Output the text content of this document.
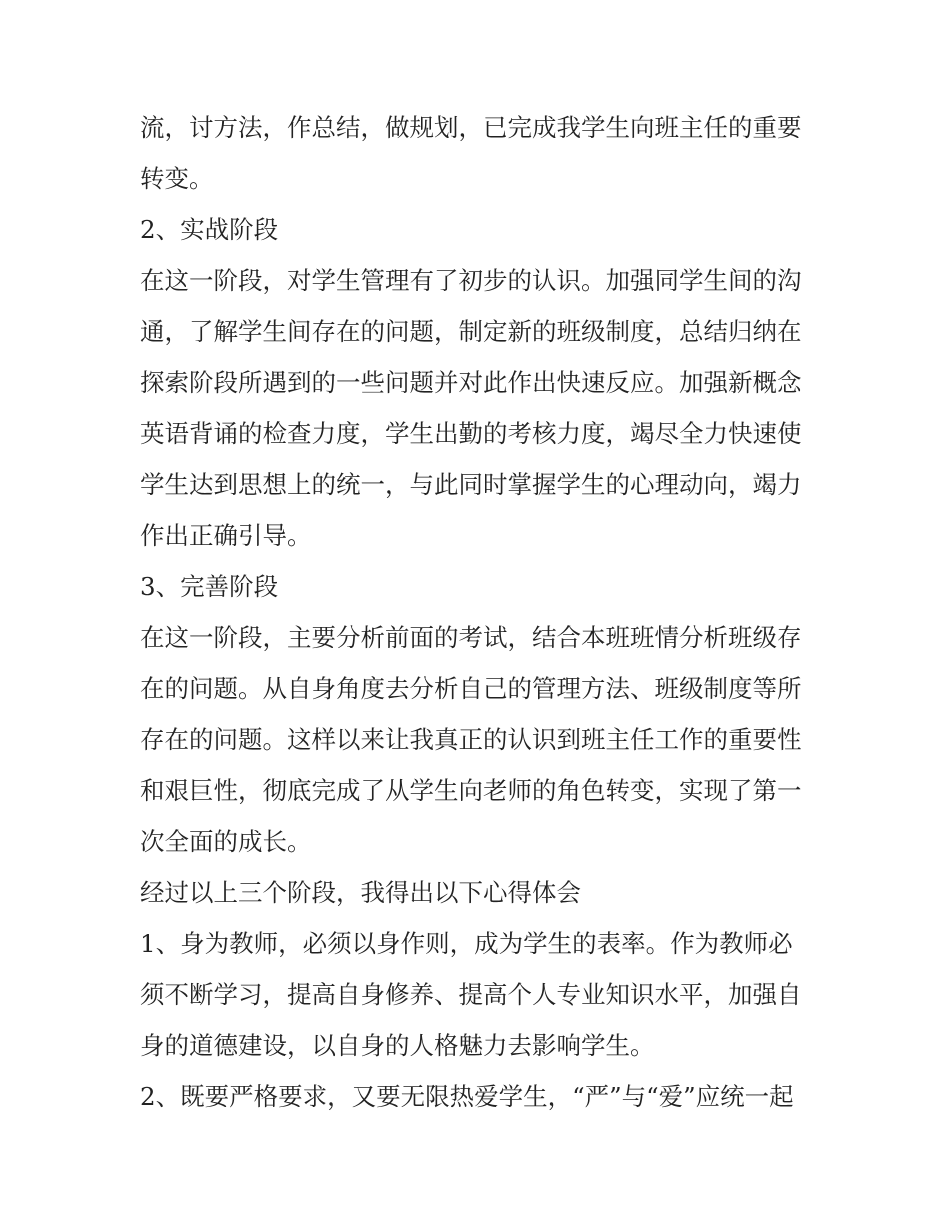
流，讨方法，作总结，做规划，已完成我学生向班主任的重要
转变。
2、实战阶段
在这一阶段，对学生管理有了初步的认识。加强同学生间的沟
通，了解学生间存在的问题，制定新的班级制度，总结归纳在
探索阶段所遇到的一些问题并对此作出快速反应。加强新概念
英语背诵的检查力度，学生出勤的考核力度，竭尽全力快速使
学生达到思想上的统一，与此同时掌握学生的心理动向，竭力
作出正确引导。
3、完善阶段
在这一阶段，主要分析前面的考试，结合本班班情分析班级存
在的问题。从自身角度去分析自己的管理方法、班级制度等所
存在的问题。这样以来让我真正的认识到班主任工作的重要性
和艰巨性，彻底完成了从学生向老师的角色转变，实现了第一
次全面的成长。
经过以上三个阶段，我得出以下心得体会
1、身为教师，必须以身作则，成为学生的表率。作为教师必
须不断学习，提高自身修养、提高个人专业知识水平，加强自
身的道德建设，以自身的人格魅力去影响学生。
2、既要严格要求，又要无限热爱学生，“严”与“爱”应统一起
